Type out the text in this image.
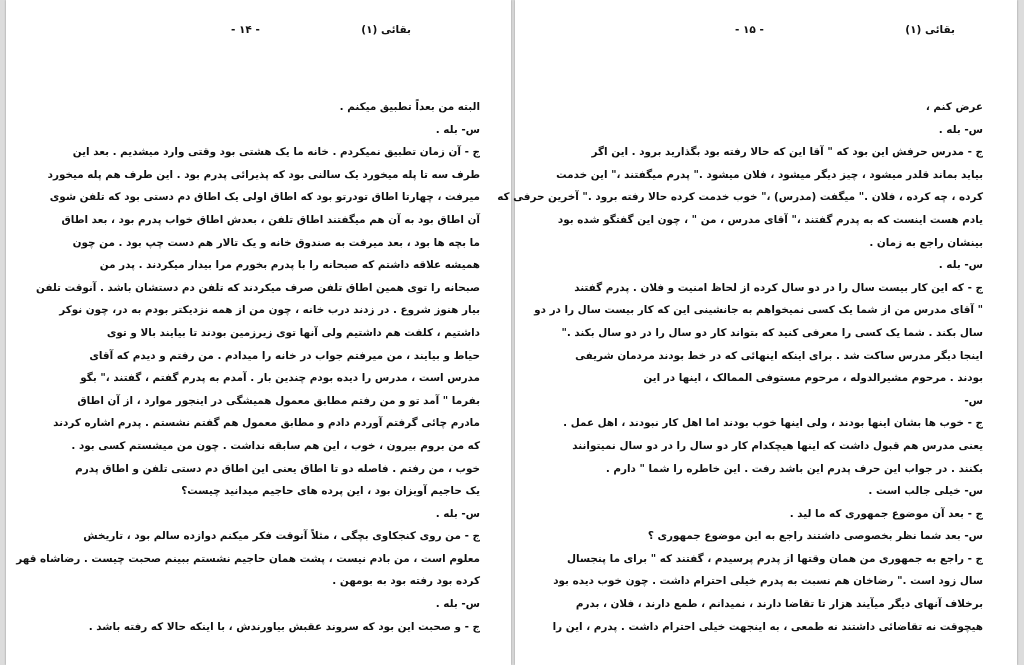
بقائی (۱)
- ۱۴ -
البته من بعداً تطبیق میکنم .
س- بله .
ج - آن زمان تطبیق نمیکردم . خانه ما یک هشتی بود وقتی وارد میشدیم . بعد این
طرف سه تا پله میخورد یک سالنی بود که پذیرائی پدرم بود . این طرف هم پله میخورد
میرفت ، چهارتا اطاق تودرتو بود که اطاق اولی یک اطاق دم دستی بود که تلفن شوی
آن اطاق بود به آن هم میگفتند اطاق تلفن ، بعدش اطاق خواب پدرم بود ، بعد اطاق
ما بچه ها بود ، بعد میرفت به صندوق خانه و یک تالار هم دست چپ بود . من چون
همیشه علاقه داشتم که صبحانه را با پدرم بخورم مرا بیدار میکردند . پدر من
صبحانه را توی همین اطاق تلفن صرف میکردند که تلفن دم دستشان باشد . آنوقت تلفن
بیار هنوز شروع . در زدند درب خانه ، چون من از همه نزدیکتر بودم به در، چون نوکر
داشتیم ، کلفت هم داشتیم ولی آنها توی زیرزمین بودند تا بیایند بالا و توی
حیاط و بیایند ، من میرفتم جواب در خانه را میدادم . من رفتم و دیدم که آقای
مدرس است ، مدرس را دیده بودم چندین بار . آمدم به پدرم گفتم ، گفتند ،" بگو
بفرما " آمد تو و من رفتم مطابق معمول همیشگی در اینجور موارد ، از آن اطاق
مادرم چائی گرفتم آوردم دادم و مطابق معمول هم گفتم نشستم . پدرم اشاره کردند
که من بروم بیرون ، خوب ، این هم سابقه نداشت . چون من میشستم کسی بود .
خوب ، من رفتم . فاصله دو تا اطاق یعنی این اطاق دم دستی تلفن و اطاق پدرم
یک حاجیم آویزان بود ، این پرده های حاجیم میدانید چیست؟
س- بله .
ج - من روی کنجکاوی بچگی ، مثلاً آنوقت فکر میکنم دوازده سالم بود ، تاریخش
معلوم است ، من بادم نیست ، پشت همان حاجیم نشستم ببینم صحبت چیست . رضاشاه قهر
کرده بود رفته بود به بومهن .
س- بله .
ج - و صحبت این بود که سروند عقبش بیاورندش ، با اینکه حالا که رفته باشد .
بقائی (۱)
- ۱۵ -
عرض کنم ،
س- بله .
ج - مدرس حرفش این بود که " آقا این که حالا رفته بود بگذارید برود . این اگر
بیاید بماند قلدر میشود ، چیز دیگر میشود ، فلان میشود ." پدرم میگفتند ،" این خدمت
کرده ، چه کرده ، فلان ." میگفت (مدرس) ،" خوب خدمت کرده حالا رفته برود ." آخرین حرفی که
یادم هست اینست که به پدرم گفتند ،" آقای مدرس ، من " ، چون این گفتگو شده بود
بینشان راجع به زمان .
س- بله .
ج - که این کار بیست سال را در دو سال کرده از لحاظ امنیت و فلان . پدرم گفتند
" آقای مدرس من از شما یک کسی نمیخواهم به جانشینی این که کار بیست سال را در دو
سال بکند . شما یک کسی را معرفی کنید که بتواند کار دو سال را در دو سال بکند ."
اینجا دیگر مدرس ساکت شد . برای اینکه اینهائی که در خط بودند مردمان شریفی
بودند . مرحوم مشیرالدوله ، مرحوم مستوفی الممالک ، اینها در این
س-
ج - خوب ها بشان اینها بودند ، ولی اینها خوب بودند اما اهل کار نبودند ، اهل عمل .
یعنی مدرس هم قبول داشت که اینها هیچکدام کار دو سال را در دو سال نمیتوانند
بکنند . در جواب این حرف پدرم این باشد رفت . این خاطره را شما " دارم .
س- خیلی جالب است .
ج - بعد آن موضوع جمهوری که ما لید .
س- بعد شما نظر بخصوصی داشتند راجع به این موضوع جمهوری ؟
ج - راجع به جمهوری من همان وقتها از پدرم پرسیدم ، گفتند که " برای ما پنجسال
سال زود است ." رضاخان هم نسبت به پدرم خیلی احترام داشت . چون خوب دیده بود
برخلاف آنهای دیگر میآیند هزار تا تقاضا دارند ، نمیدانم ، طمع دارند ، فلان ، بدرم
هیچوقت نه تقاضائی داشتند نه طمعی ، به اینجهت خیلی احترام داشت . پدرم ، این را
